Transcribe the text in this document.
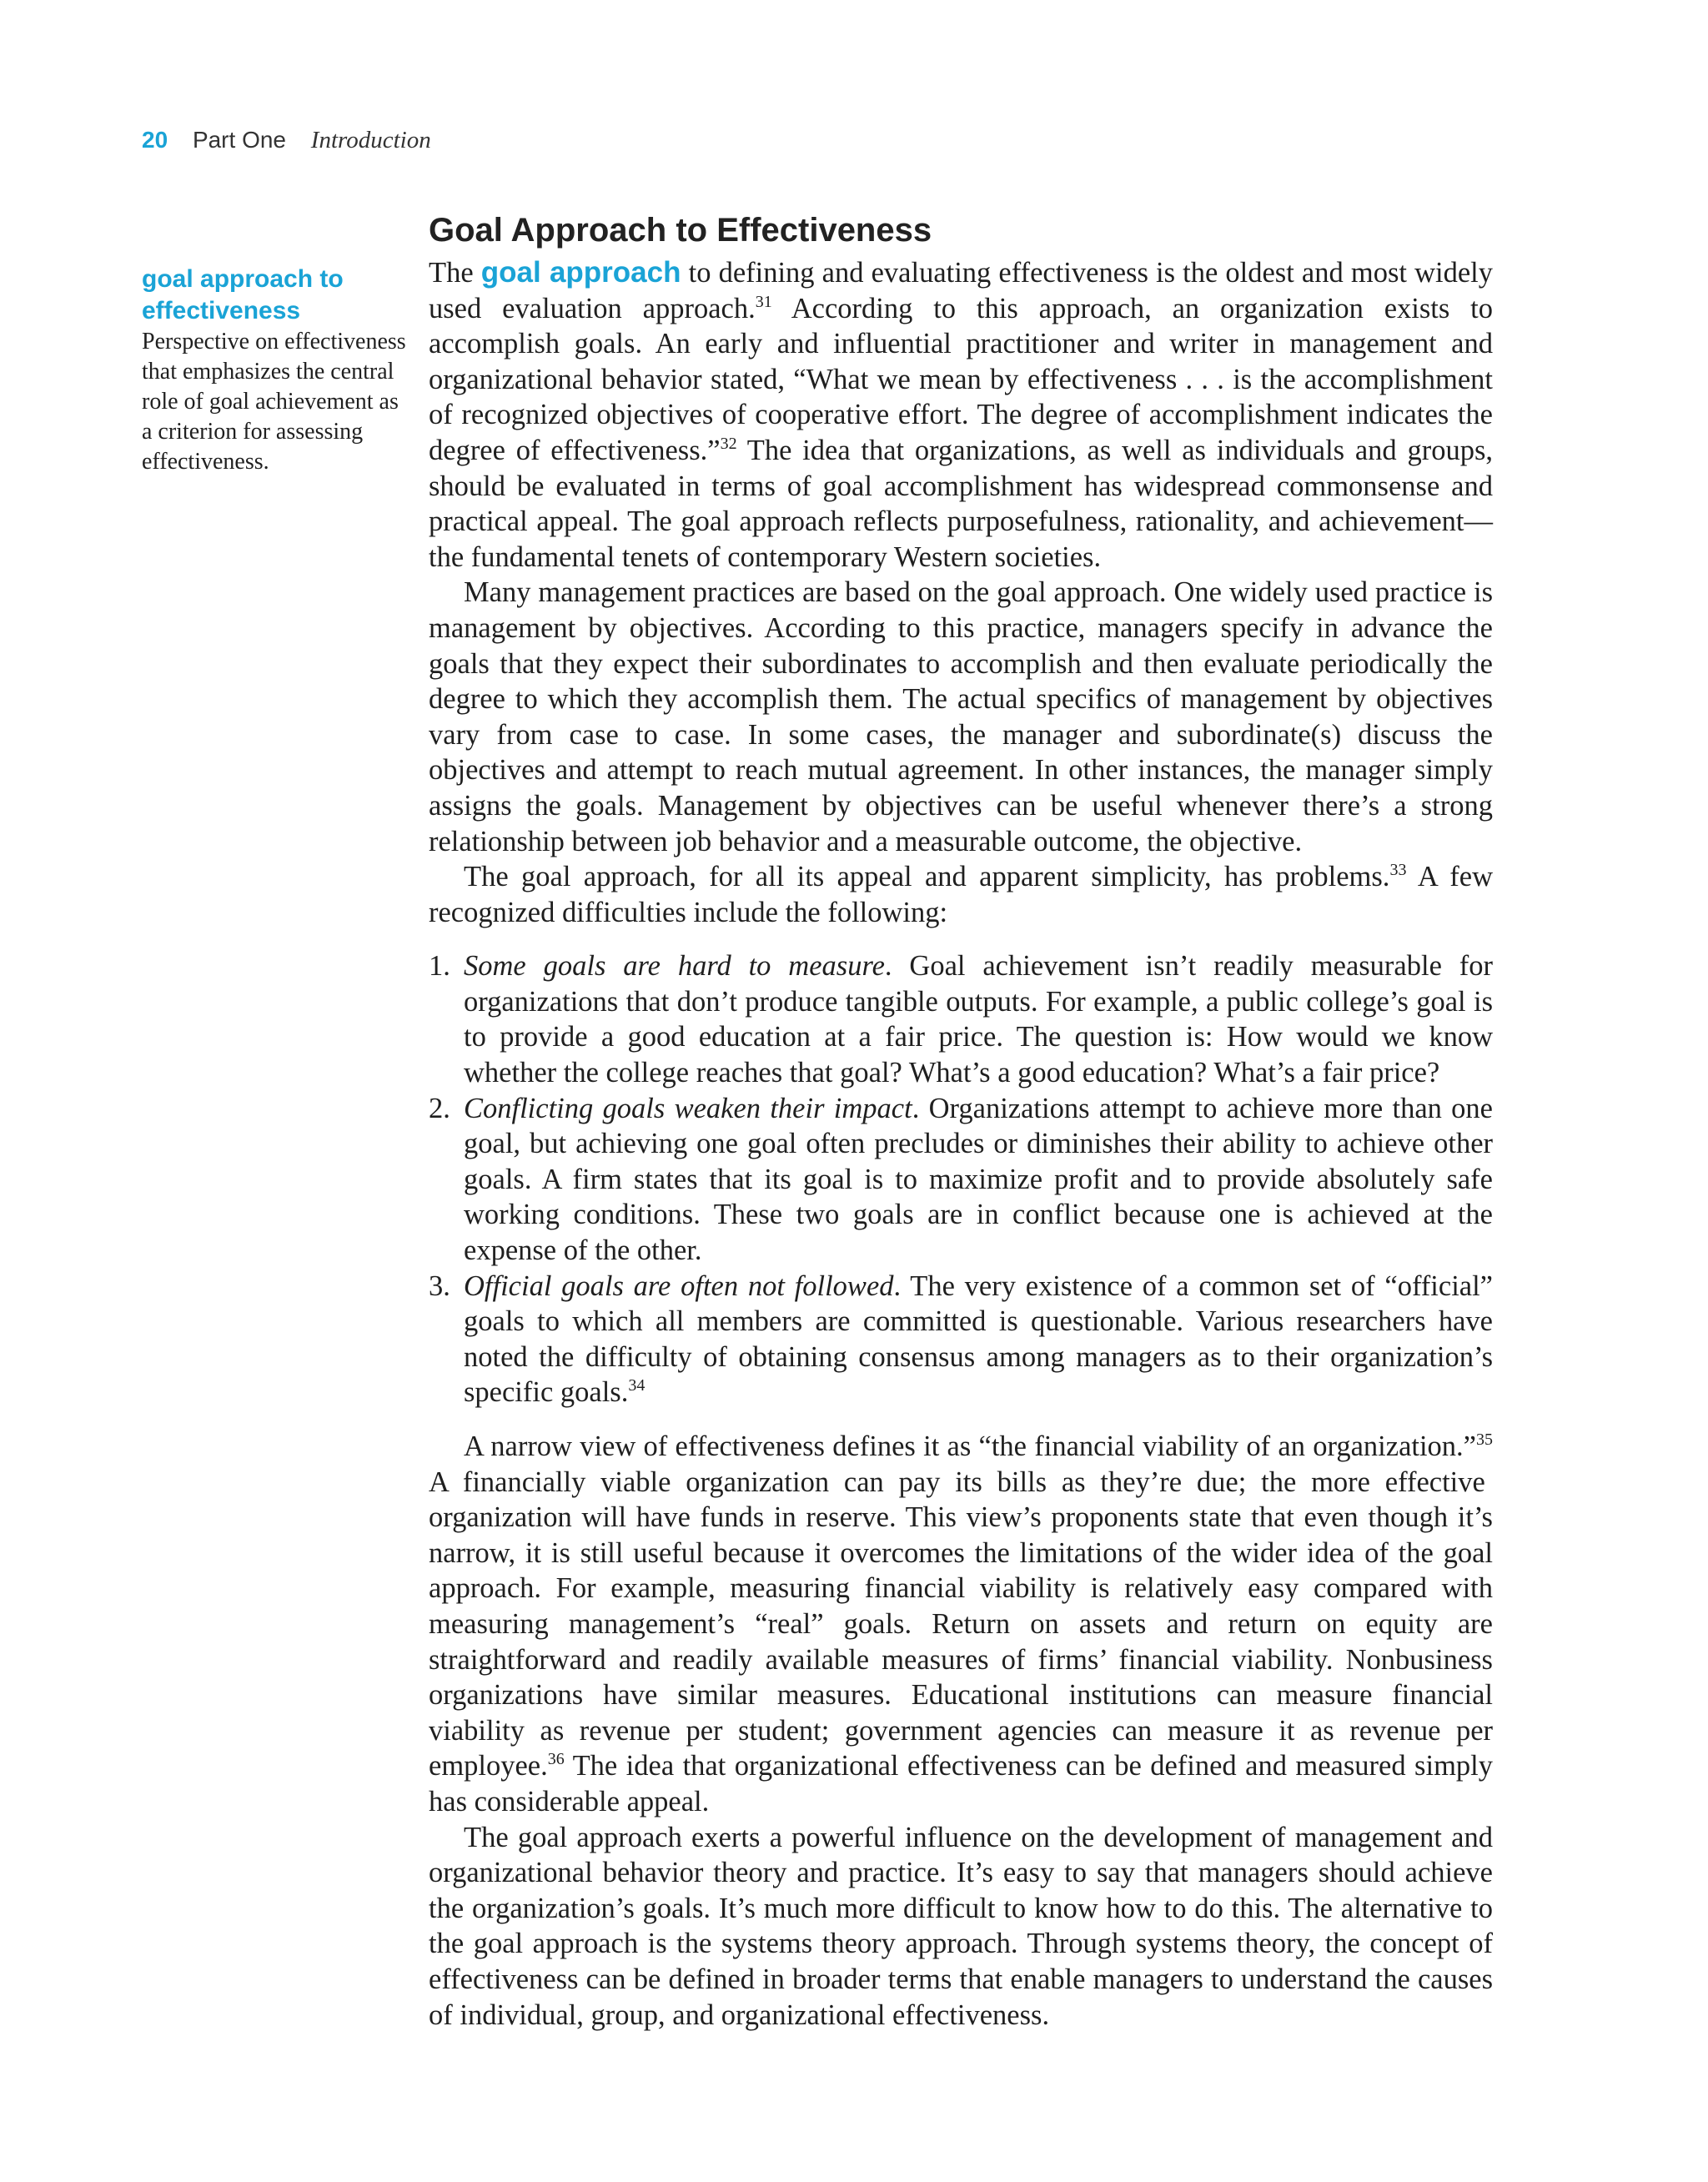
20 Part One Introduction
goal approach to effectiveness
Perspective on effectiveness that emphasizes the central role of goal achievement as a criterion for assessing effectiveness.
Goal Approach to Effectiveness

The goal approach to defining and evaluating effectiveness is the oldest and most widely used evaluation approach.$^{31}$ According to this approach, an organization exists to accomplish goals. An early and influential practitioner and writer in management and organizational behavior stated, “What we mean by effectiveness . . . is the accomplishment of recognized objectives of cooperative effort. The degree of accomplishment indicates the degree of effectiveness.”$^{32}$ The idea that organizations, as well as individuals and groups, should be evaluated in terms of goal accomplishment has widespread commonsense and practical appeal. The goal approach reflects purposefulness, rationality, and achievement—the fundamental tenets of contemporary Western societies.

Many management practices are based on the goal approach. One widely used practice is management by objectives. According to this practice, managers specify in advance the goals that they expect their subordinates to accomplish and then evaluate periodically the degree to which they accomplish them. The actual specifics of management by objectives vary from case to case. In some cases, the manager and subordinate(s) discuss the objectives and attempt to reach mutual agreement. In other instances, the manager simply assigns the goals. Management by objectives can be useful whenever there’s a strong relationship between job behavior and a measurable outcome, the objective.

The goal approach, for all its appeal and apparent simplicity, has problems.$^{33}$ A few recognized difficulties include the following:

1. Some goals are hard to measure. Goal achievement isn’t readily measurable for organizations that don’t produce tangible outputs. For example, a public college’s goal is to provide a good education at a fair price. The question is: How would we know whether the college reaches that goal? What’s a good education? What’s a fair price?
2. Conflicting goals weaken their impact. Organizations attempt to achieve more than one goal, but achieving one goal often precludes or diminishes their ability to achieve other goals. A firm states that its goal is to maximize profit and to provide absolutely safe working conditions. These two goals are in conflict because one is achieved at the expense of the other.
3. Official goals are often not followed. The very existence of a common set of “official” goals to which all members are committed is questionable. Various researchers have noted the difficulty of obtaining consensus among managers as to their organization’s specific goals.$^{34}$

A narrow view of effectiveness defines it as “the financial viability of an organization.”$^{35}$ A financially viable organization can pay its bills as they’re due; the more effective organization will have funds in reserve. This view’s proponents state that even though it’s narrow, it is still useful because it overcomes the limitations of the wider idea of the goal approach. For example, measuring financial viability is relatively easy compared with measuring management’s “real” goals. Return on assets and return on equity are straightforward and readily available measures of firms’ financial viability. Nonbusiness organizations have similar measures. Educational institutions can measure financial viability as revenue per student; government agencies can measure it as revenue per employee.$^{36}$ The idea that organizational effectiveness can be defined and measured simply has considerable appeal.

The goal approach exerts a powerful influence on the development of management and organizational behavior theory and practice. It’s easy to say that managers should achieve the organization’s goals. It’s much more difficult to know how to do this. The alternative to the goal approach is the systems theory approach. Through systems theory, the concept of effectiveness can be defined in broader terms that enable managers to understand the causes of individual, group, and organizational effectiveness.
